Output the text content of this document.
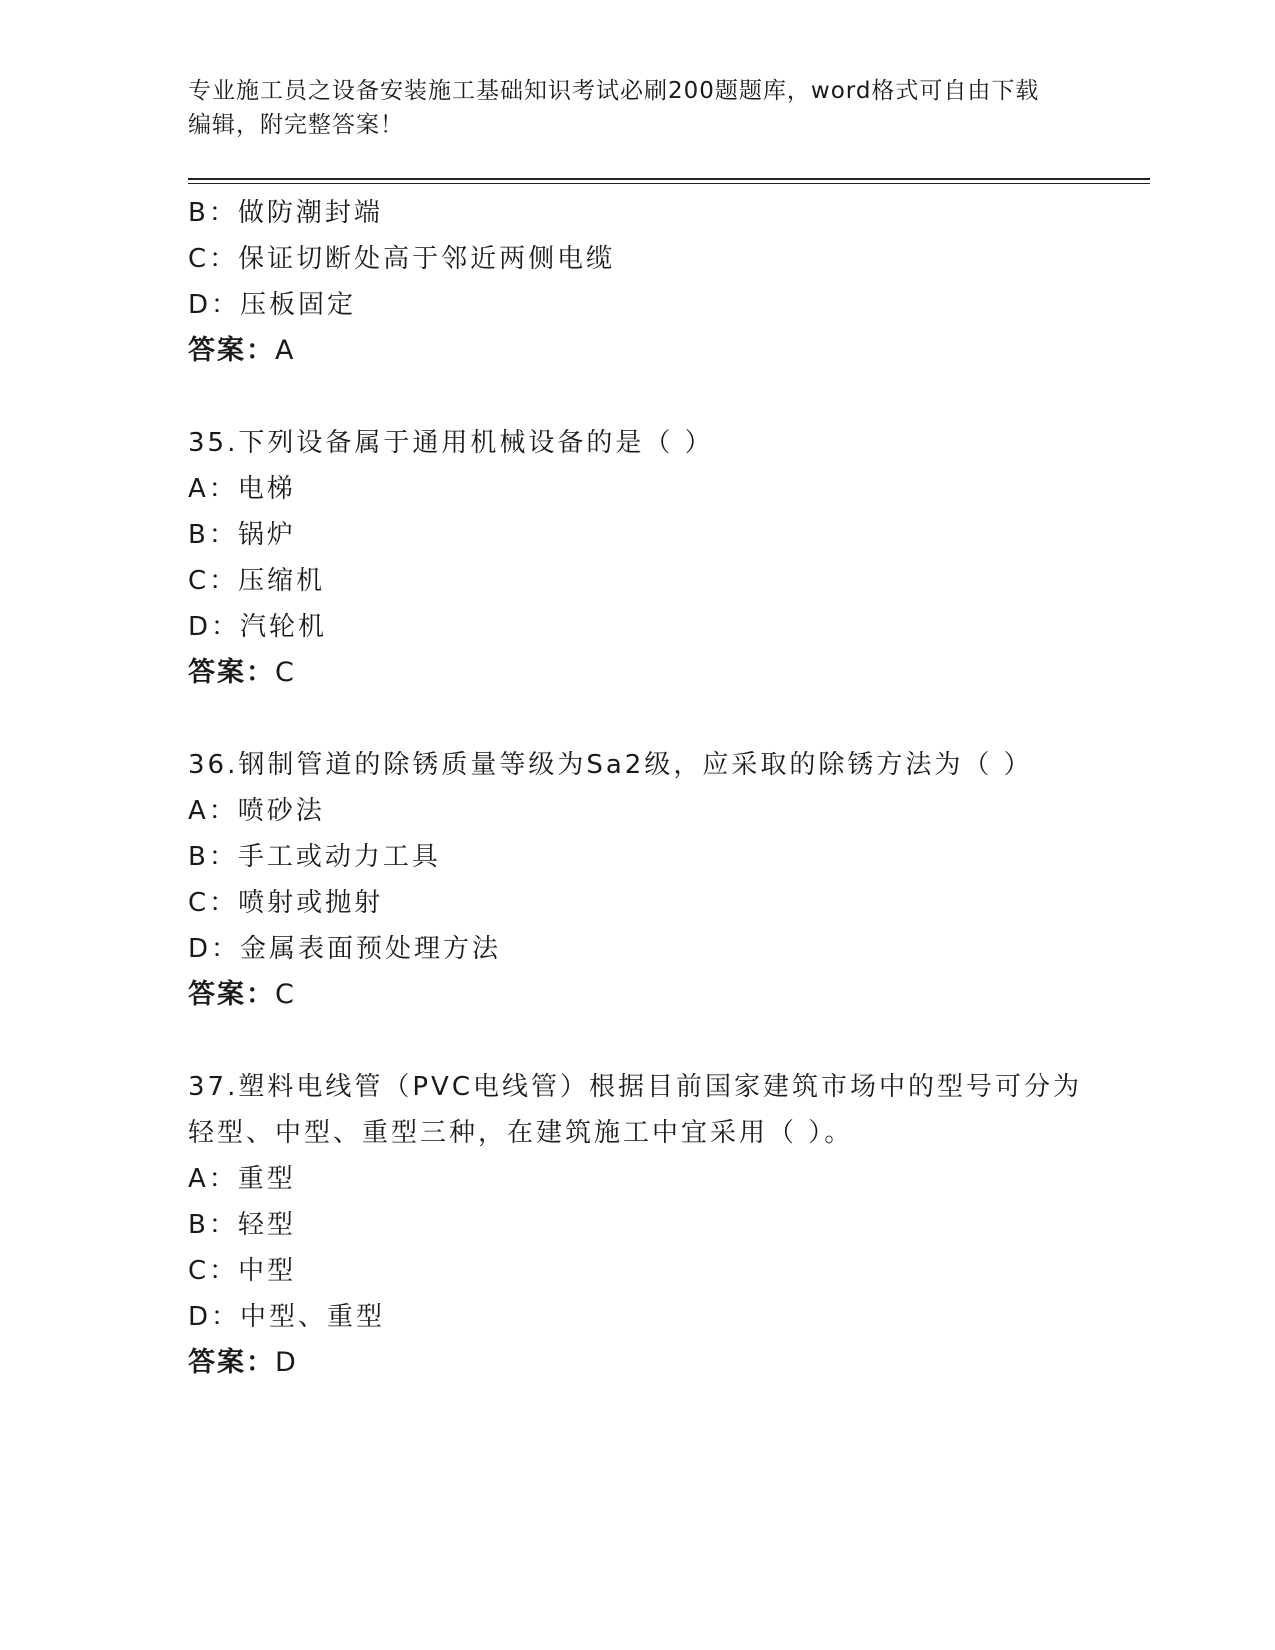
专业施工员之设备安装施工基础知识考试必刷200题题库，word格式可自由下载
编辑，附完整答案！
B：做防潮封端
C：保证切断处高于邻近两侧电缆
D：压板固定
答案：A
35.下列设备属于通用机械设备的是（ ）
A：电梯
B：锅炉
C：压缩机
D：汽轮机
答案：C
36.钢制管道的除锈质量等级为Sa2级，应采取的除锈方法为（ ）
A：喷砂法
B：手工或动力工具
C：喷射或抛射
D：金属表面预处理方法
答案：C
37.塑料电线管（PVC电线管）根据目前国家建筑市场中的型号可分为
轻型、中型、重型三种，在建筑施工中宜采用（ ）。
A：重型
B：轻型
C：中型
D：中型、重型
答案：D
